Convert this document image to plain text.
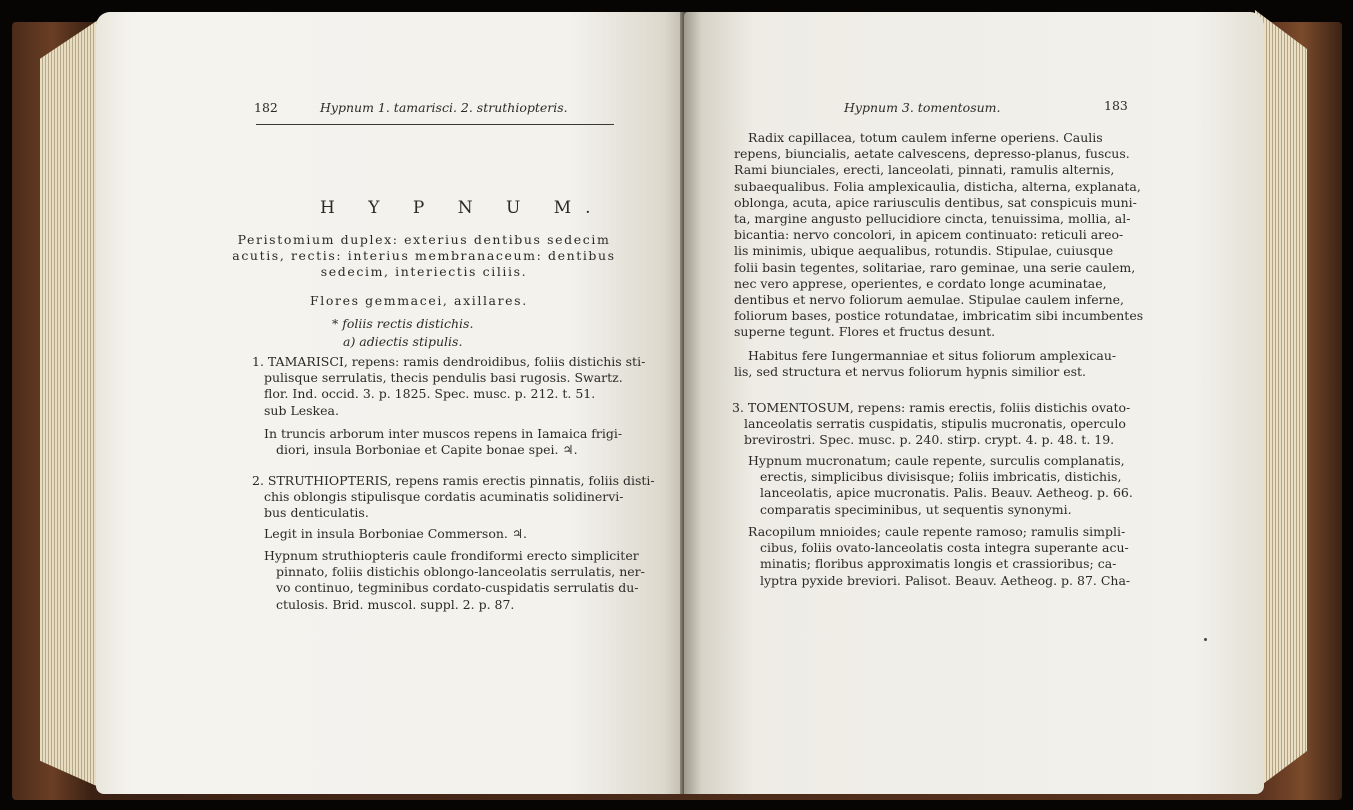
182	Hypnum 1. tamarisci. 2. struthiopteris.
H Y P N U M.
Peristomium duplex: exterius dentibus sedecim
acutis, rectis: interius membranaceum: dentibus
sedecim, interiectis ciliis.
Flores gemmacei, axillares.
* foliis rectis distichis.
a) adiectis stipulis.
1. TAMARISCI, repens: ramis dendroidibus, foliis distichis sti-
pulisque serrulatis, thecis pendulis basi rugosis. Swartz.
flor. Ind. occid. 3. p. 1825. Spec. musc. p. 212. t. 51.
sub Leskea.
In truncis arborum inter muscos repens in Iamaica frigi-
diori, insula Borboniae et Capite bonae spei. ♃.
2. STRUTHIOPTERIS, repens ramis erectis pinnatis, foliis disti-
chis oblongis stipulisque cordatis acuminatis solidinervi-
bus denticulatis.
Legit in insula Borboniae Commerson. ♃.
Hypnum struthiopteris caule frondiformi erecto simpliciter
pinnato, foliis distichis oblongo-lanceolatis serrulatis, ner-
vo continuo, tegminibus cordato-cuspidatis serrulatis du-
ctulosis. Brid. muscol. suppl. 2. p. 87.
Hypnum 3. tomentosum.	183
Radix capillacea, totum caulem inferne operiens. Caulis
repens, biuncialis, aetate calvescens, depresso-planus, fuscus.
Rami biunciales, erecti, lanceolati, pinnati, ramulis alternis,
subaequalibus. Folia amplexicaulia, disticha, alterna, explanata,
oblonga, acuta, apice rariusculis dentibus, sat conspicuis muni-
ta, margine angusto pellucidiore cincta, tenuissima, mollia, al-
bicantia: nervo concolori, in apicem continuato: reticuli areo-
lis minimis, ubique aequalibus, rotundis. Stipulae, cuiusque
folii basin tegentes, solitariae, raro geminae, una serie caulem,
nec vero apprese, operientes, e cordato longe acuminatae,
dentibus et nervo foliorum aemulae. Stipulae caulem inferne,
foliorum bases, postice rotundatae, imbricatim sibi incumbentes
superne tegunt. Flores et fructus desunt.
Habitus fere Iungermanniae et situs foliorum amplexicau-
lis, sed structura et nervus foliorum hypnis similior est.
3. TOMENTOSUM, repens: ramis erectis, foliis distichis ovato-
lanceolatis serratis cuspidatis, stipulis mucronatis, operculo
brevirostri. Spec. musc. p. 240. stirp. crypt. 4. p. 48. t. 19.
Hypnum mucronatum; caule repente, surculis complanatis,
erectis, simplicibus divisisque; foliis imbricatis, distichis,
lanceolatis, apice mucronatis. Palis. Beauv. Aetheog. p. 66.
comparatis speciminibus, ut sequentis synonymi.
Racopilum mnioides; caule repente ramoso; ramulis simpli-
cibus, foliis ovato-lanceolatis costa integra superante acu-
minatis; floribus approximatis longis et crassioribus; ca-
lyptra pyxide breviori. Palisot. Beauv. Aetheog. p. 87. Cha-
